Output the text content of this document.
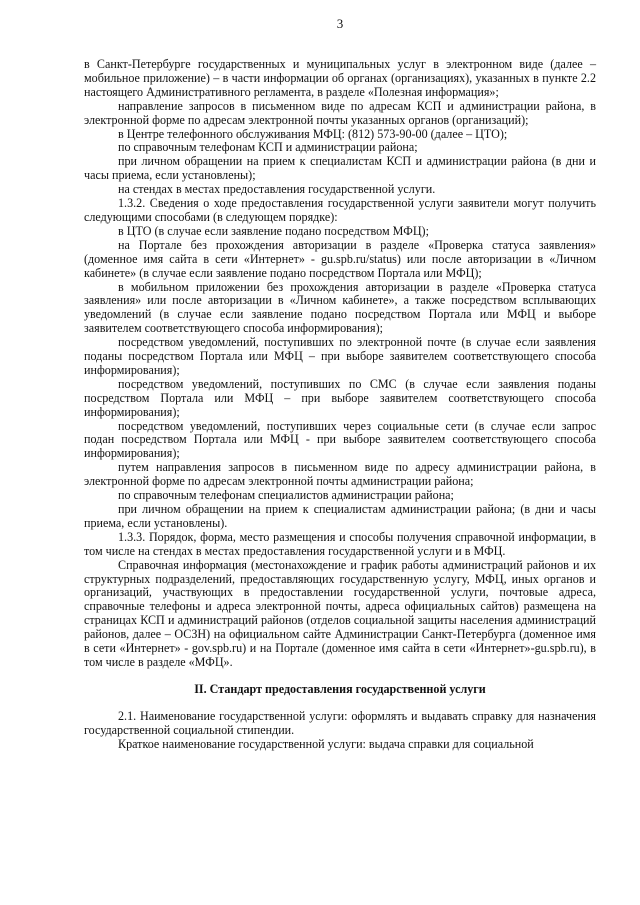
3

в Санкт-Петербурге государственных и муниципальных услуг в электронном виде (далее – мобильное приложение) – в части информации об органах (организациях), указанных в пункте 2.2 настоящего Административного регламента, в разделе «Полезная информация»;

направление запросов в письменном виде по адресам КСП и администрации района, в электронной форме по адресам электронной почты указанных органов (организаций);

в Центре телефонного обслуживания МФЦ: (812) 573-90-00 (далее – ЦТО);

по справочным телефонам КСП и администрации района;

при личном обращении на прием к специалистам КСП и администрации района (в дни и часы приема, если установлены);

на стендах в местах предоставления государственной услуги.

1.3.2. Сведения о ходе предоставления государственной услуги заявители могут получить следующими способами (в следующем порядке):

в ЦТО (в случае если заявление подано посредством МФЦ);

на Портале без прохождения авторизации в разделе «Проверка статуса заявления» (доменное имя сайта в сети «Интернет» - gu.spb.ru/status) или после авторизации в «Личном кабинете» (в случае если заявление подано посредством Портала или МФЦ);

в мобильном приложении без прохождения авторизации в разделе «Проверка статуса заявления» или после авторизации в «Личном кабинете», а также посредством всплывающих уведомлений (в случае если заявление подано посредством Портала или МФЦ и выборе заявителем соответствующего способа информирования);

посредством уведомлений, поступивших по электронной почте (в случае если заявления поданы посредством Портала или МФЦ – при выборе заявителем соответствующего способа информирования);

посредством уведомлений, поступивших по СМС (в случае если заявления поданы посредством Портала или МФЦ – при выборе заявителем соответствующего способа информирования);

посредством уведомлений, поступивших через социальные сети (в случае если запрос подан посредством Портала или МФЦ - при выборе заявителем соответствующего способа информирования);

путем направления запросов в письменном виде по адресу администрации района, в электронной форме по адресам электронной почты администрации района;

по справочным телефонам специалистов администрации района;

при личном обращении на прием к специалистам администрации района; (в дни и часы приема, если установлены).

1.3.3. Порядок, форма, место размещения и способы получения справочной информации, в том числе на стендах в местах предоставления государственной услуги и в МФЦ.

Справочная информация (местонахождение и график работы администраций районов и их структурных подразделений, предоставляющих государственную услугу, МФЦ, иных органов и организаций, участвующих в предоставлении государственной услуги, почтовые адреса, справочные телефоны и адреса электронной почты, адреса официальных сайтов) размещена на страницах КСП и администраций районов (отделов социальной защиты населения администраций районов, далее – ОСЗН) на официальном сайте Администрации Санкт-Петербурга (доменное имя в сети «Интернет» - gov.spb.ru) и на Портале (доменное имя сайта в сети «Интернет»-gu.spb.ru), в том числе в разделе «МФЦ».

II. Стандарт предоставления государственной услуги

2.1. Наименование государственной услуги: оформлять и выдавать справку для назначения государственной социальной стипендии.

Краткое наименование государственной услуги: выдача справки для социальной
